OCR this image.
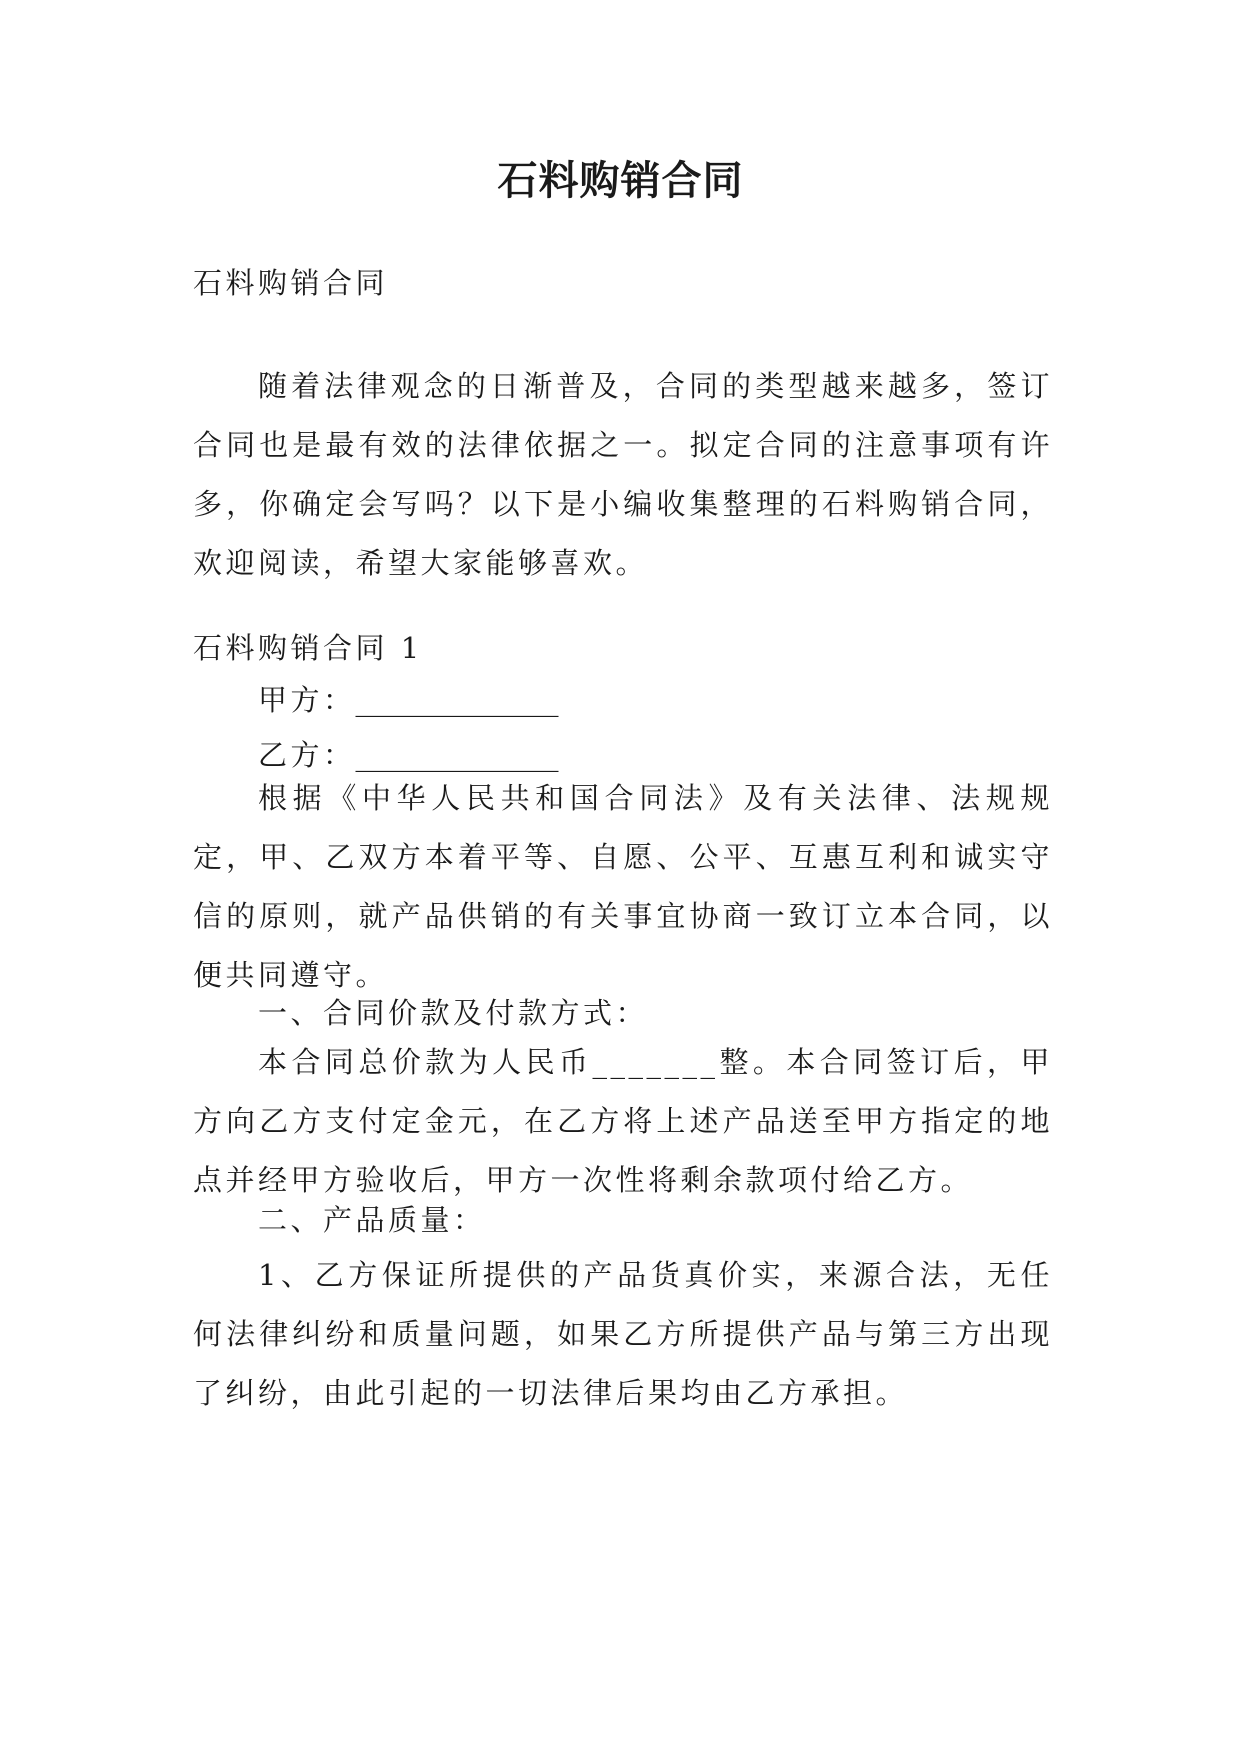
石料购销合同
石料购销合同
随着法律观念的日渐普及，合同的类型越来越多，签订合同也是最有效的法律依据之一。拟定合同的注意事项有许多，你确定会写吗？以下是小编收集整理的石料购销合同，欢迎阅读，希望大家能够喜欢。
石料购销合同 1
甲方：______________
乙方：______________
根据《中华人民共和国合同法》及有关法律、法规规定，甲、乙双方本着平等、自愿、公平、互惠互利和诚实守信的原则，就产品供销的有关事宜协商一致订立本合同，以便共同遵守。
一、合同价款及付款方式：
本合同总价款为人民币_______整。本合同签订后，甲方向乙方支付定金元，在乙方将上述产品送至甲方指定的地点并经甲方验收后，甲方一次性将剩余款项付给乙方。
二、产品质量：
1、乙方保证所提供的产品货真价实，来源合法，无任何法律纠纷和质量问题，如果乙方所提供产品与第三方出现了纠纷，由此引起的一切法律后果均由乙方承担。
